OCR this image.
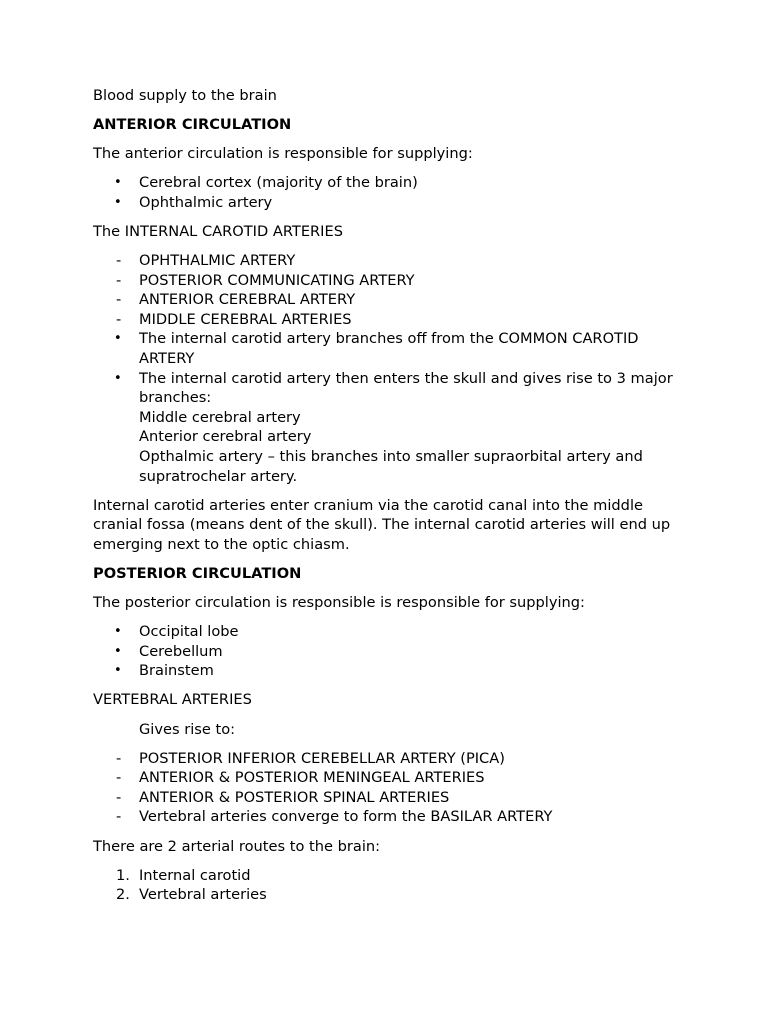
Blood supply to the brain

ANTERIOR CIRCULATION

The anterior circulation is responsible for supplying:

•	Cerebral cortex (majority of the brain)
•	Ophthalmic artery

The INTERNAL CAROTID ARTERIES

-	OPHTHALMIC ARTERY
-	POSTERIOR COMMUNICATING ARTERY
-	ANTERIOR CEREBRAL ARTERY
-	MIDDLE CEREBRAL ARTERIES
•	The internal carotid artery branches off from the COMMON CAROTID ARTERY
•	The internal carotid artery then enters the skull and gives rise to 3 major branches:
Middle cerebral artery
Anterior cerebral artery
Opthalmic artery – this branches into smaller supraorbital artery and supratrochelar artery.

Internal carotid arteries enter cranium via the carotid canal into the middle cranial fossa (means dent of the skull). The internal carotid arteries will end up emerging next to the optic chiasm.

POSTERIOR CIRCULATION

The posterior circulation is responsible is responsible for supplying:

•	Occipital lobe
•	Cerebellum
•	Brainstem

VERTEBRAL ARTERIES

Gives rise to:

-	POSTERIOR INFERIOR CEREBELLAR ARTERY (PICA)
-	ANTERIOR & POSTERIOR MENINGEAL ARTERIES
-	ANTERIOR & POSTERIOR SPINAL ARTERIES
-	Vertebral arteries converge to form the BASILAR ARTERY

There are 2 arterial routes to the brain:

1. Internal carotid
2. Vertebral arteries
